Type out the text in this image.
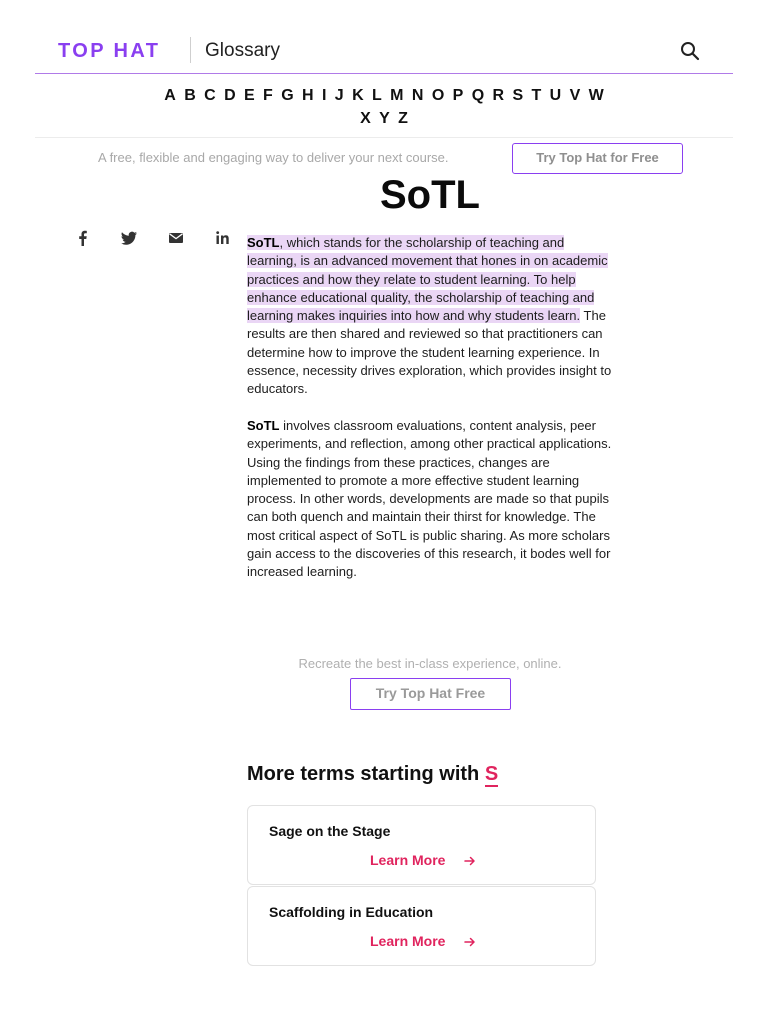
TOP HAT Glossary
A B C D E F G H I J K L M N O P Q R S T U V W
X Y Z
A free, flexible and engaging way to deliver your next course.	Try Top Hat for Free
SoTL

SoTL, which stands for the scholarship of teaching and learning, is an advanced movement that hones in on academic practices and how they relate to student learning. To help enhance educational quality, the scholarship of teaching and learning makes inquiries into how and why students learn. The results are then shared and reviewed so that practitioners can determine how to improve the student learning experience. In essence, necessity drives exploration, which provides insight to educators.

SoTL involves classroom evaluations, content analysis, peer experiments, and reflection, among other practical applications. Using the findings from these practices, changes are implemented to promote a more effective student learning process. In other words, developments are made so that pupils can both quench and maintain their thirst for knowledge. The most critical aspect of SoTL is public sharing. As more scholars gain access to the discoveries of this research, it bodes well for increased learning.

Recreate the best in-class experience, online.
Try Top Hat Free
More terms starting with S
Sage on the Stage
Learn More
Scaffolding in Education
Learn More
